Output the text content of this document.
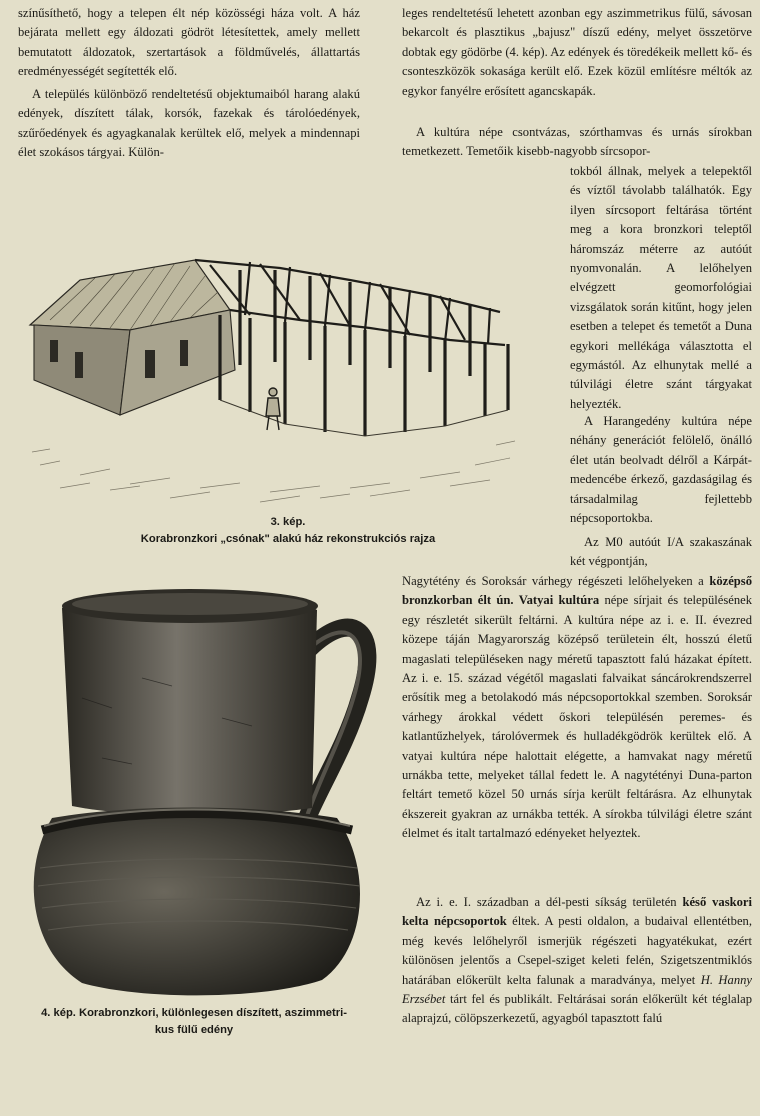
színűsíthető, hogy a telepen élt nép közösségi háza volt. A ház bejárata mellett egy áldozati gödröt létesítettek, amely mellett bemutatott áldozatok, szertartások a földművelés, állattartás eredményességét segítették elő.

A település különböző rendeltetésű objektumaiból harang alakú edények, díszített tálak, korsók, fazekak és tárolóedények, szűrőedények és agyagkanalak kerültek elő, melyek a mindennapi élet szokásos tárgyai. Külön-

3. kép.
Korabronzkori „csónak" alakú ház rekonstrukciós rajza
4. kép. Korabronzkori, különlegesen díszített, aszimmetri-
kus fülű edény

leges rendeltetésű lehetett azonban egy aszimmetrikus fülű, sávosan bekarcolt és plasztikus „bajusz" díszű edény, melyet összetörve dobtak egy gödörbe (4. kép). Az edények és töredékeik mellett kő- és csonteszközök sokasága került elő. Ezek közül említésre méltók az egykor fanyélre erősített agancskapák.

A kultúra népe csontvázas, szórthamvas és urnás sírokban temetkezett. Temetőik kisebb-nagyobb sírcsopor-

tokból állnak, melyek a telepektől és víztől távolabb találhatók. Egy ilyen sírcsoport feltárása történt meg a kora bronzkori teleptől háromszáz méterre az autóút nyomvonalán. A lelőhelyen elvégzett geomorfológiai vizsgálatok során kitűnt, hogy jelen esetben a telepet és temetőt a Duna egykori mellékága választotta el egymástól. Az elhunytak mellé a túlvilági életre szánt tárgyakat helyezték.

A Harangedény kultúra népe néhány generációt felölelő, önálló élet után beolvadt délről a Kárpát-medencébe érkező, gazdaságilag és társadalmilag fejlettebb népcsoportokba.

Az M0 autóút I/A szakaszának két végpontján,

Nagytétény és Soroksár várhegy régészeti lelőhelyeken a középső bronzkorban élt ún. Vatyai kultúra népe sírjait és településének egy részletét sikerült feltárni. A kultúra népe az i. e. II. évezred közepe táján Magyarország középső területein élt, hosszú életű magaslati településeken nagy méretű tapasztott falú házakat épített. Az i. e. 15. század végétől magaslati falvaikat sáncárokrendszerrel erősítik meg a betolakodó más népcsoportokkal szemben. Soroksár várhegy árokkal védett őskori településén peremes- és katlantűzhelyek, tárolóvermek és hulladékgödrök kerültek elő. A vatyai kultúra népe halottait elégette, a hamvakat nagy méretű urnákba tette, melyeket tállal fedett le. A nagytétényi Duna-parton feltárt temető közel 50 urnás sírja került feltárásra. Az elhunytak ékszereit gyakran az urnákba tették. A sírokba túlvilági életre szánt élelmet és italt tartalmazó edényeket helyeztek.

Az i. e. I. században a dél-pesti síkság területén késő vaskori kelta népcsoportok éltek. A pesti oldalon, a budaival ellentétben, még kevés lelőhelyről ismerjük régészeti hagyatékukat, ezért különösen jelentős a Csepel-sziget keleti felén, Szigetszentmiklós határában előkerült kelta falunak a maradványa, melyet H. Hanny Erzsébet tárt fel és publikált. Feltárásai során előkerült két téglalap alaprajzú, cölöpszerkezetű, agyagból tapasztott falú
